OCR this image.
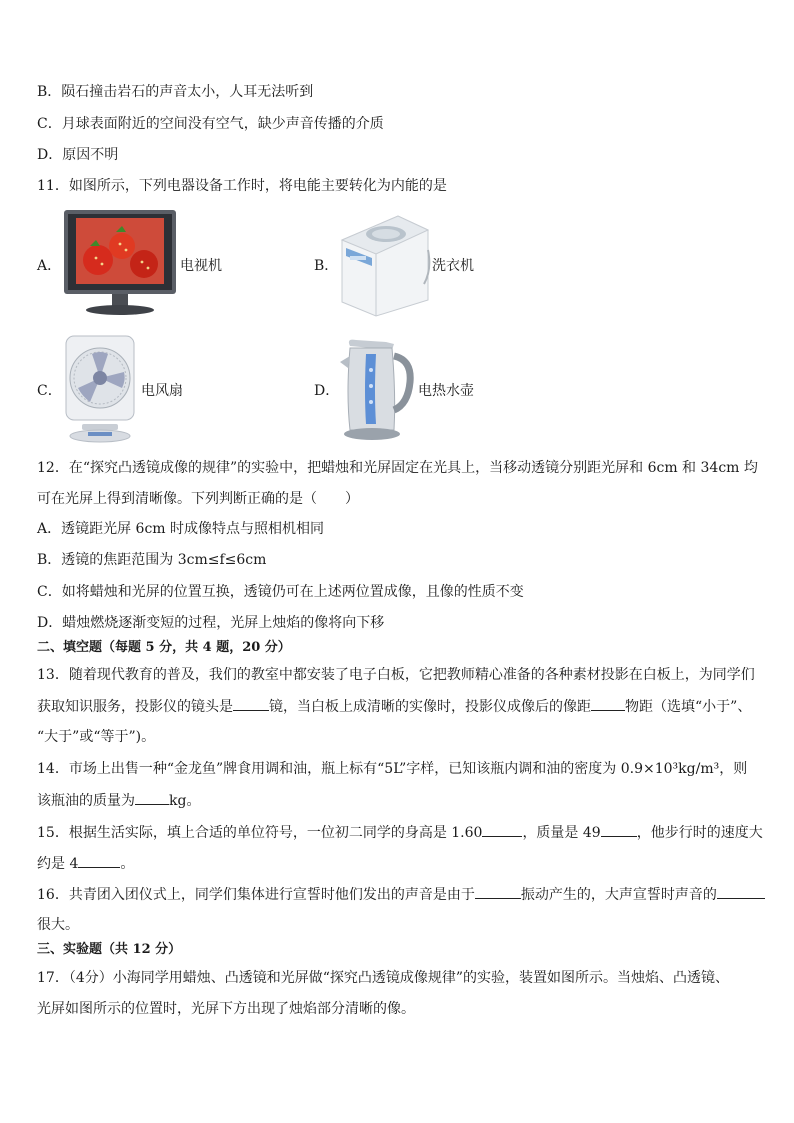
B．陨石撞击岩石的声音太小，人耳无法听到
C．月球表面附近的空间没有空气，缺少声音传播的介质
D．原因不明
11．如图所示，下列电器设备工作时，将电能主要转化为内能的是
A．	电视机	B．	洗衣机
C．	电风扇	D．	电热水壶
12．在“探究凸透镜成像的规律”的实验中，把蜡烛和光屏固定在光具上，当移动透镜分别距光屏和 6cm 和 34cm 均
可在光屏上得到清晰像。下列判断正确的是（　　）
A．透镜距光屏 6cm 时成像特点与照相机相同
B．透镜的焦距范围为 3cm≤f≤6cm
C．如将蜡烛和光屏的位置互换，透镜仍可在上述两位置成像，且像的性质不变
D．蜡烛燃烧逐渐变短的过程，光屏上烛焰的像将向下移
二、填空题（每题 5 分，共 4 题，20 分）
13．随着现代教育的普及，我们的教室中都安装了电子白板，它把教师精心准备的各种素材投影在白板上，为同学们
获取知识服务，投影仪的镜头是	镜，当白板上成清晰的实像时，投影仪成像后的像距 物距（选填“小于”、
“大于”或“等于”)。
14．市场上出售一种“金龙鱼”牌食用调和油，瓶上标有“5L”字样，已知该瓶内调和油的密度为 0.9×10³kg/m³，则
该瓶油的质量为 kg。
15．根据生活实际，填上合适的单位符号，一位初二同学的身高是 1.60	，质量是 49	，他步行时的速度大
约是 4	。
16．共青团入团仪式上，同学们集体进行宣誓时他们发出的声音是由于	振动产生的，大声宣誓时声音的
很大。
三、实验题（共 12 分）
17．（4分）小海同学用蜡烛、凸透镜和光屏做“探究凸透镜成像规律”的实验，装置如图所示。当烛焰、凸透镜、
光屏如图所示的位置时，光屏下方出现了烛焰部分清晰的像。
